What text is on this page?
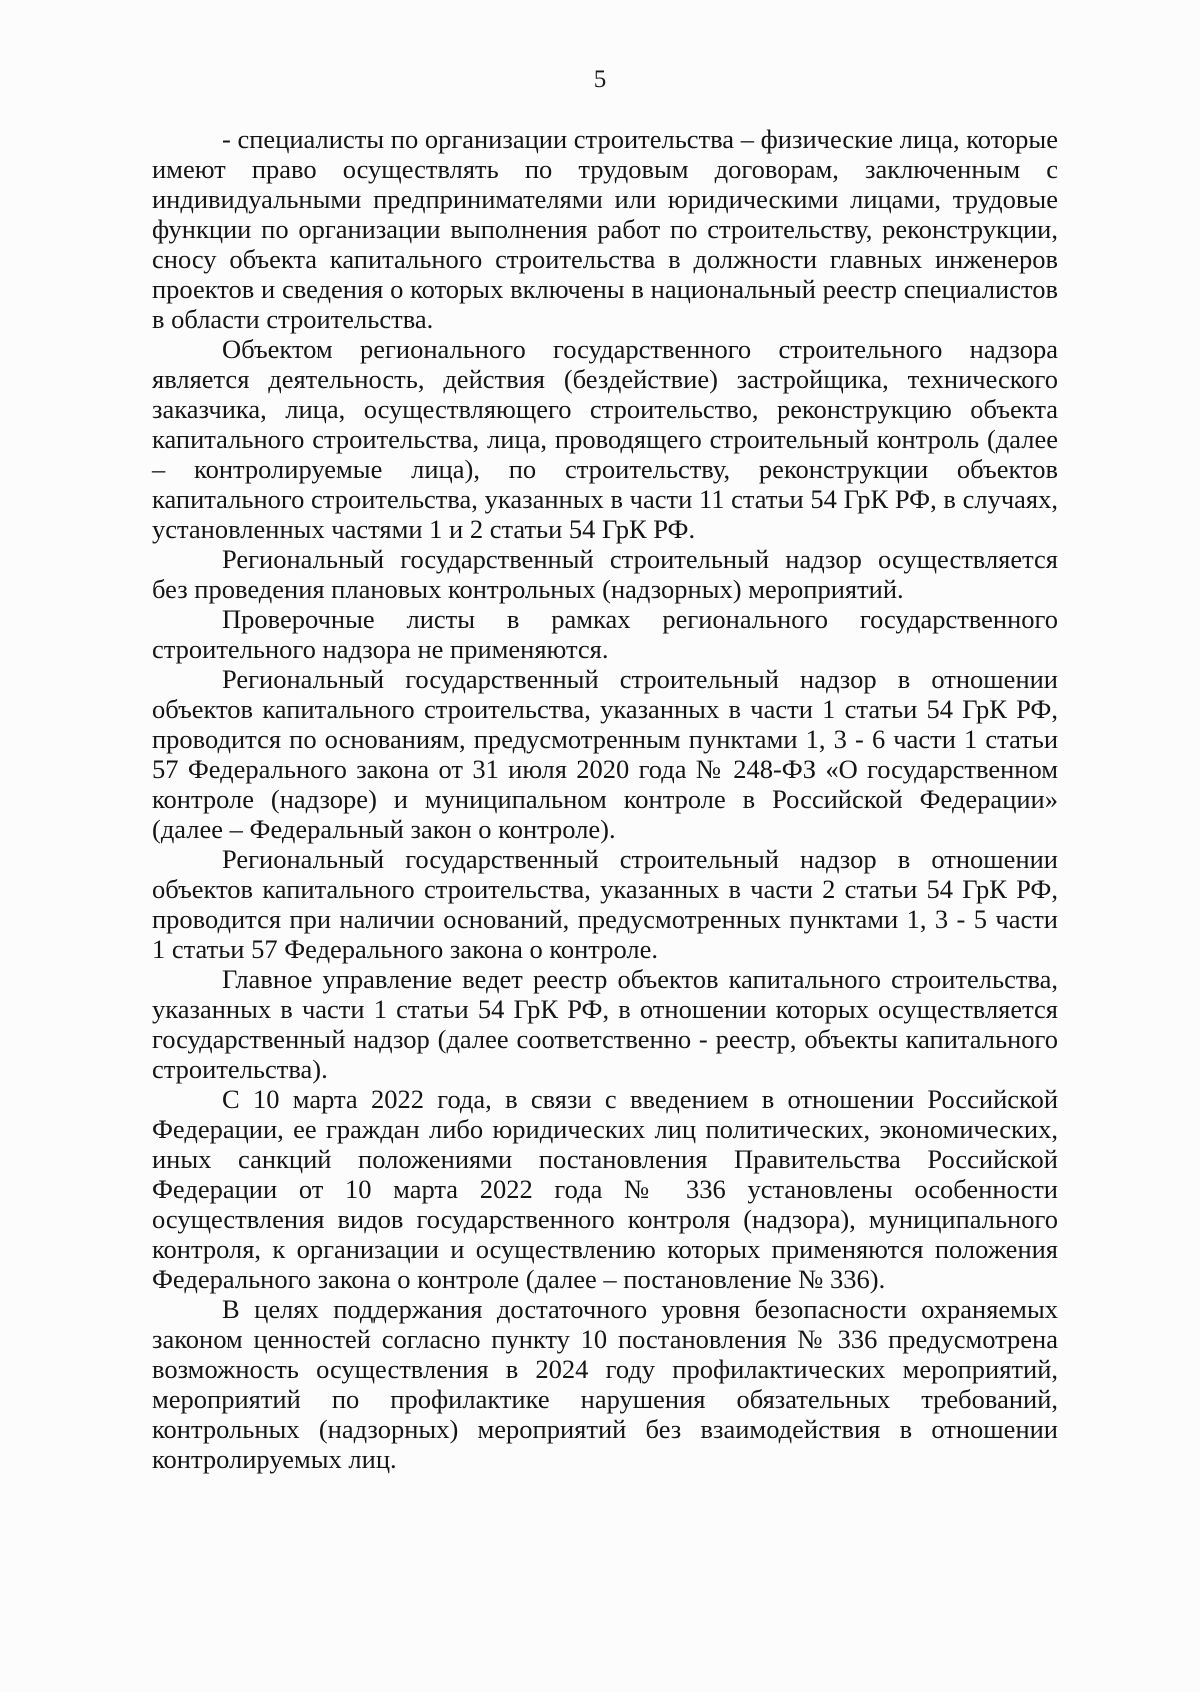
5

- специалисты по организации строительства – физические лица, которые имеют право осуществлять по трудовым договорам, заключенным с индивидуальными предпринимателями или юридическими лицами, трудовые функции по организации выполнения работ по строительству, реконструкции, сносу объекта капитального строительства в должности главных инженеров проектов и сведения о которых включены в национальный реестр специалистов в области строительства.

Объектом регионального государственного строительного надзора является деятельность, действия (бездействие) застройщика, технического заказчика, лица, осуществляющего строительство, реконструкцию объекта капитального строительства, лица, проводящего строительный контроль (далее – контролируемые лица), по строительству, реконструкции объектов капитального строительства, указанных в части 11 статьи 54 ГрК РФ, в случаях, установленных частями 1 и 2 статьи 54 ГрК РФ.

Региональный государственный строительный надзор осуществляется без проведения плановых контрольных (надзорных) мероприятий.

Проверочные листы в рамках регионального государственного строительного надзора не применяются.

Региональный государственный строительный надзор в отношении объектов капитального строительства, указанных в части 1 статьи 54 ГрК РФ, проводится по основаниям, предусмотренным пунктами 1, 3 - 6 части 1 статьи 57 Федерального закона от 31 июля 2020 года № 248-ФЗ «О государственном контроле (надзоре) и муниципальном контроле в Российской Федерации» (далее – Федеральный закон о контроле).

Региональный государственный строительный надзор в отношении объектов капитального строительства, указанных в части 2 статьи 54 ГрК РФ, проводится при наличии оснований, предусмотренных пунктами 1, 3 - 5 части 1 статьи 57 Федерального закона о контроле.

Главное управление ведет реестр объектов капитального строительства, указанных в части 1 статьи 54 ГрК РФ, в отношении которых осуществляется государственный надзор (далее соответственно - реестр, объекты капитального строительства).

С 10 марта 2022 года, в связи с введением в отношении Российской Федерации, ее граждан либо юридических лиц политических, экономических, иных санкций положениями постановления Правительства Российской Федерации от 10 марта 2022 года № 336 установлены особенности осуществления видов государственного контроля (надзора), муниципального контроля, к организации и осуществлению которых применяются положения Федерального закона о контроле (далее – постановление № 336).

В целях поддержания достаточного уровня безопасности охраняемых законом ценностей согласно пункту 10 постановления № 336 предусмотрена возможность осуществления в 2024 году профилактических мероприятий, мероприятий по профилактике нарушения обязательных требований, контрольных (надзорных) мероприятий без взаимодействия в отношении контролируемых лиц.
